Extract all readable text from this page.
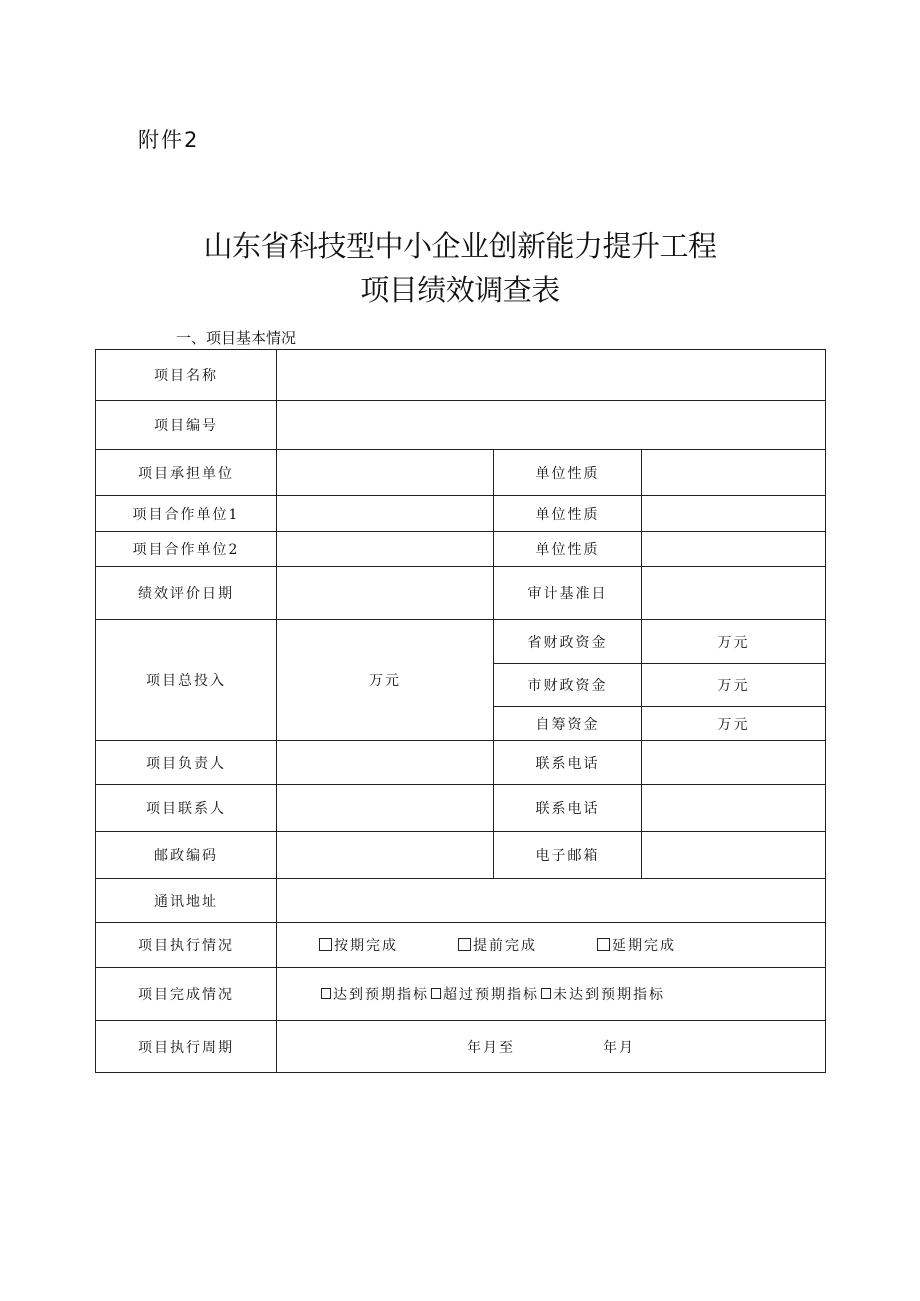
附件2
山东省科技型中小企业创新能力提升工程
项目绩效调查表
一、项目基本情况
项目名称			
项目编号			
项目承担单位		单位性质	
项目合作单位1		单位性质	
项目合作单位2		单位性质	
绩效评价日期		审计基准日	
项目总投入	万元	省财政资金	万元
		市财政资金	万元
		自筹资金	万元
项目负责人		联系电话	
项目联系人		联系电话	
邮政编码		电子邮箱	
通讯地址			
项目执行情况	按期完成 提前完成 延期完成		
项目完成情况	达到预期指标 超过预期指标 未达到预期指标		
项目执行周期	年月至 年月		
